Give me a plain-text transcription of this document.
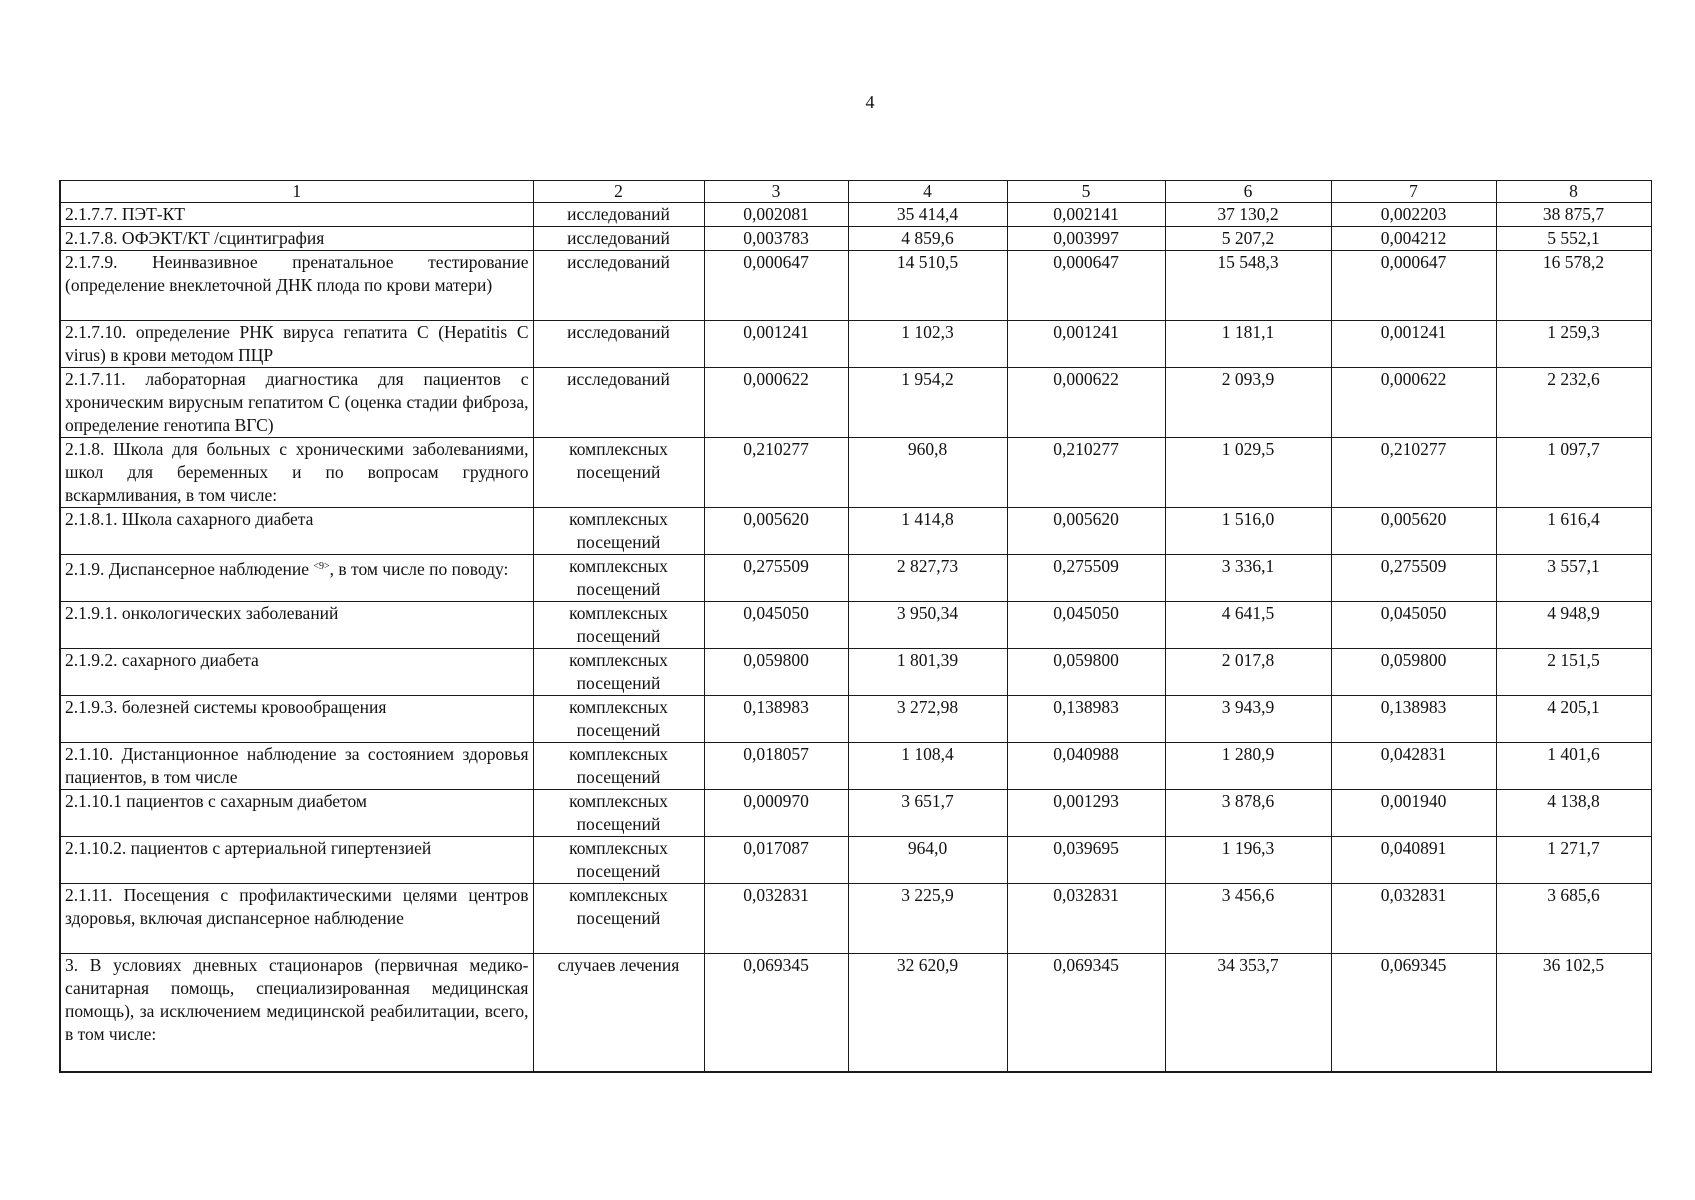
4
1	2	3	4	5	6	7	8
2.1.7.7. ПЭТ-КТ	исследований	0,002081	35 414,4	0,002141	37 130,2	0,002203	38 875,7
2.1.7.8. ОФЭКТ/КТ /сцинтиграфия	исследований	0,003783	4 859,6	0,003997	5 207,2	0,004212	5 552,1
2.1.7.9. Неинвазивное пренатальное тестирование (определение внеклеточной ДНК плода по крови матери)	исследований	0,000647	14 510,5	0,000647	15 548,3	0,000647	16 578,2
2.1.7.10. определение РНК вируса гепатита С (Hepatitis C virus) в крови методом ПЦР	исследований	0,001241	1 102,3	0,001241	1 181,1	0,001241	1 259,3
2.1.7.11. лабораторная диагностика для пациентов с хроническим вирусным гепатитом С (оценка стадии фиброза, определение генотипа ВГС)	исследований	0,000622	1 954,2	0,000622	2 093,9	0,000622	2 232,6
2.1.8. Школа для больных с хроническими заболеваниями, школ для беременных и по вопросам грудного вскармливания, в том числе:	комплексных посещений	0,210277	960,8	0,210277	1 029,5	0,210277	1 097,7
2.1.8.1. Школа сахарного диабета	комплексных посещений	0,005620	1 414,8	0,005620	1 516,0	0,005620	1 616,4
2.1.9. Диспансерное наблюдение $^{<9>}$, в том числе по поводу:	комплексных посещений	0,275509	2 827,73	0,275509	3 336,1	0,275509	3 557,1
2.1.9.1. онкологических заболеваний	комплексных посещений	0,045050	3 950,34	0,045050	4 641,5	0,045050	4 948,9
2.1.9.2. сахарного диабета	комплексных посещений	0,059800	1 801,39	0,059800	2 017,8	0,059800	2 151,5
2.1.9.3. болезней системы кровообращения	комплексных посещений	0,138983	3 272,98	0,138983	3 943,9	0,138983	4 205,1
2.1.10. Дистанционное наблюдение за состоянием здоровья пациентов, в том числе	комплексных посещений	0,018057	1 108,4	0,040988	1 280,9	0,042831	1 401,6
2.1.10.1 пациентов с сахарным диабетом	комплексных посещений	0,000970	3 651,7	0,001293	3 878,6	0,001940	4 138,8
2.1.10.2. пациентов с артериальной гипертензией	комплексных посещений	0,017087	964,0	0,039695	1 196,3	0,040891	1 271,7
2.1.11. Посещения с профилактическими целями центров здоровья, включая диспансерное наблюдение	комплексных посещений	0,032831	3 225,9	0,032831	3 456,6	0,032831	3 685,6
3. В условиях дневных стационаров (первичная медико-санитарная помощь, специализированная медицинская помощь), за исключением медицинской реабилитации, всего, в том числе:	случаев лечения	0,069345	32 620,9	0,069345	34 353,7	0,069345	36 102,5
